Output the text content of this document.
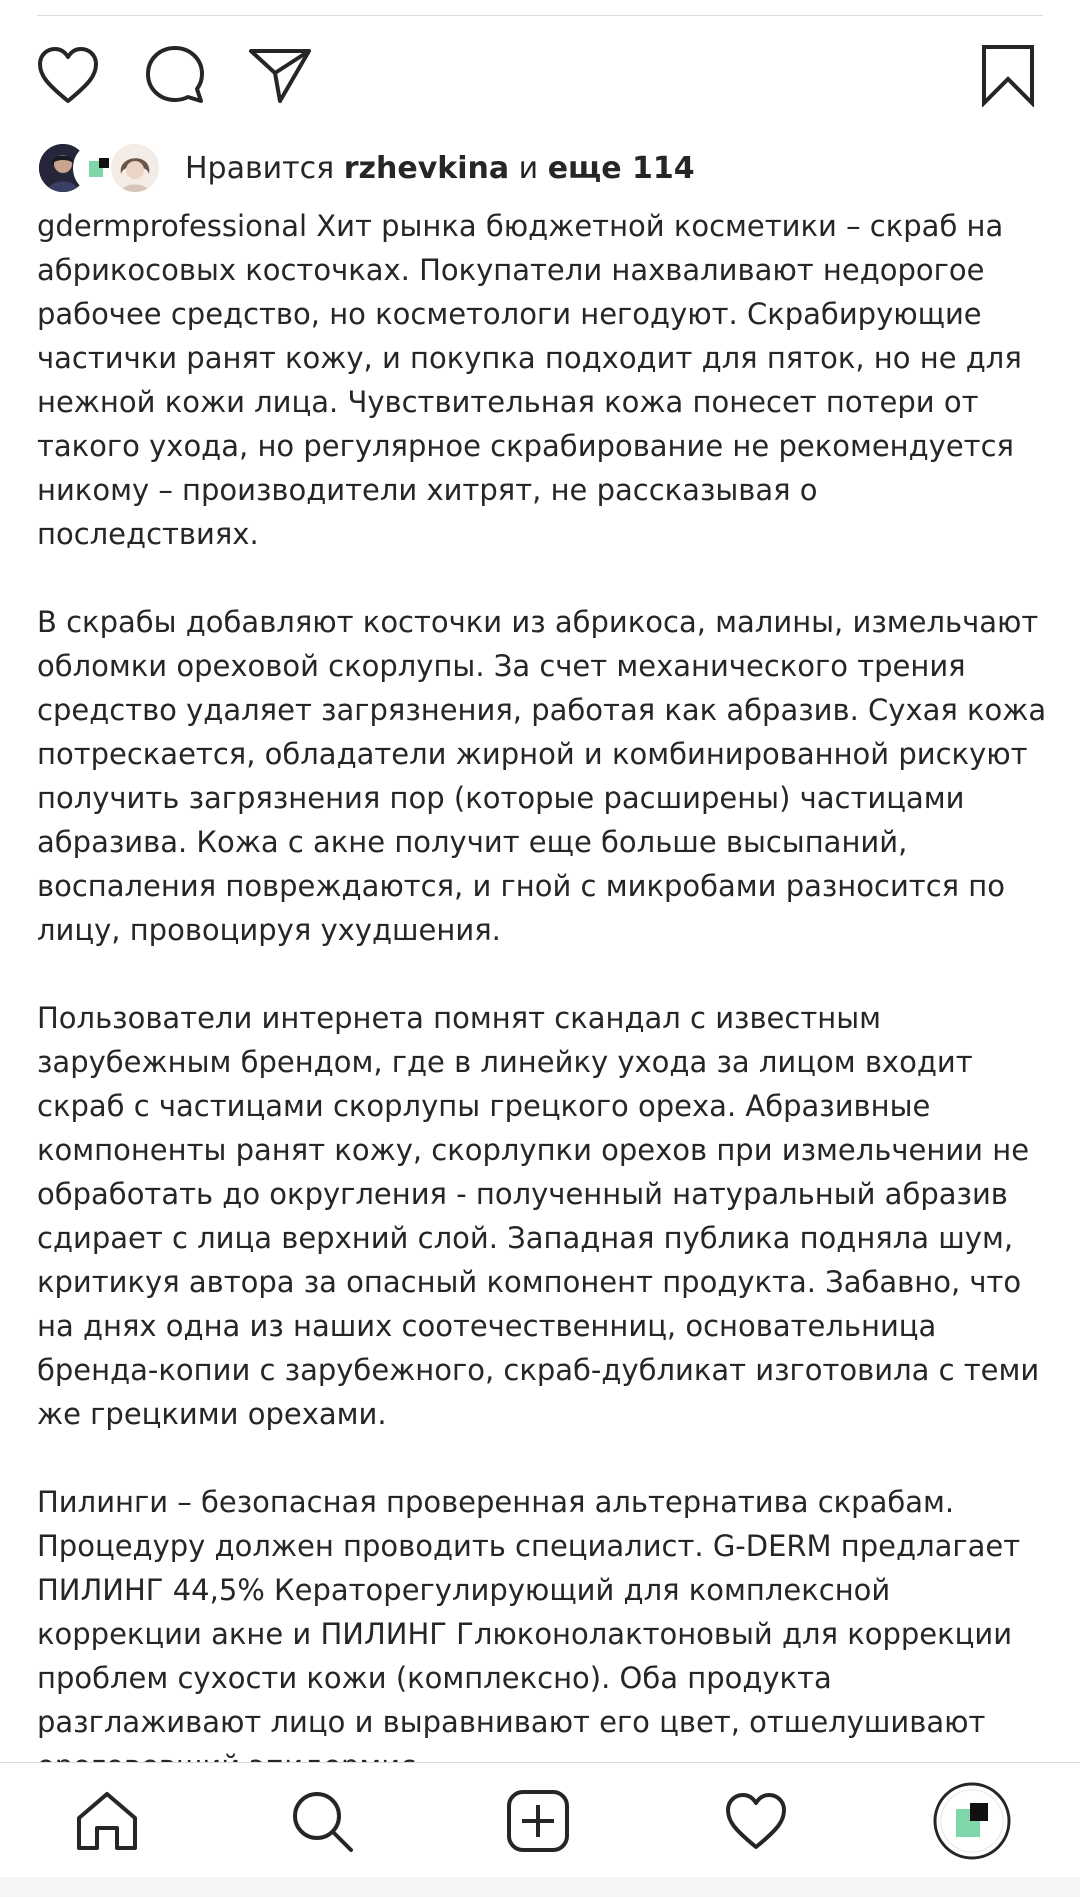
Нравится rzhevkina и еще 114

gdermprofessional Хит рынка бюджетной косметики – скраб на абрикосовых косточках. Покупатели нахваливают недорогое рабочее средство, но косметологи негодуют. Скрабирующие частички ранят кожу, и покупка подходит для пяток, но не для нежной кожи лица. Чувствительная кожа понесет потери от такого ухода, но регулярное скрабирование не рекомендуется никому – производители хитрят, не рассказывая о последствиях.

В скрабы добавляют косточки из абрикоса, малины, измельчают обломки ореховой скорлупы. За счет механического трения средство удаляет загрязнения, работая как абразив. Сухая кожа потрескается, обладатели жирной и комбинированной рискуют получить загрязнения пор (которые расширены) частицами абразива. Кожа с акне получит еще больше высыпаний, воспаления повреждаются, и гной с микробами разносится по лицу, провоцируя ухудшения.

Пользователи интернета помнят скандал с известным зарубежным брендом, где в линейку ухода за лицом входит скраб с частицами скорлупы грецкого ореха. Абразивные компоненты ранят кожу, скорлупки орехов при измельчении не обработать до округления - полученный натуральный абразив сдирает с лица верхний слой. Западная публика подняла шум, критикуя автора за опасный компонент продукта. Забавно, что на днях одна из наших соотечественниц, основательница бренда-копии с зарубежного, скраб-дубликат изготовила с теми же грецкими орехами.

Пилинги – безопасная проверенная альтернатива скрабам. Процедуру должен проводить специалист. G-DERM предлагает ПИЛИНГ 44,5% Кераторегулирующий для комплексной коррекции акне и ПИЛИНГ Глюконолактоновый для коррекции проблем сухости кожи (комплексно). Оба продукта разглаживают лицо и выравнивают его цвет, отшелушивают
